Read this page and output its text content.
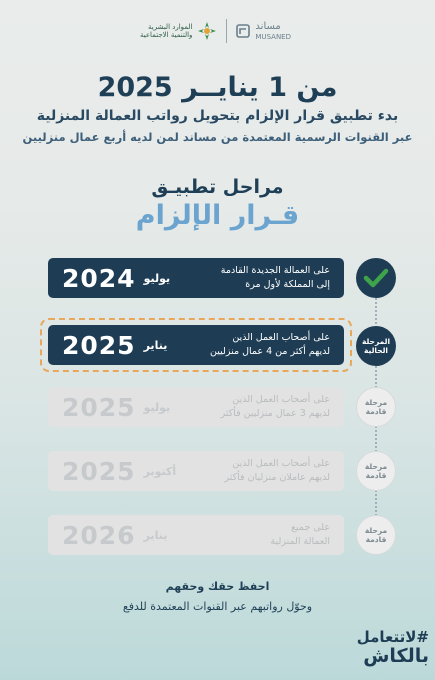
الموارد البشرية
والتنمية الاجتماعية
مساند
MUSANED
من 1 ينايــر 2025
بدء تطبيق قرار الإلزام بتحويل رواتب العمالة المنزلية
عبر القنوات الرسمية المعتمدة من مساند لمن لديه أربع عمال منزليين
مراحل تطبيـق
قـرار الإلزام
2024 يوليو
على العمالة الجديدة القادمة
إلى المملكة لأول مرة
2025 يناير
على أصحاب العمل الذين
لديهم أكثر من 4 عمال منزليين
المرحلة الحالية
2025 يوليو
على أصحاب العمل الذين
لديهم 3 عمال منزليين فأكثر
مرحلة قادمة
2025 أكتوبر
على أصحاب العمل الذين
لديهم عاملان منزليان فأكثر
مرحلة قادمة
2026 يناير
على جميع
العمالة المنزلية
مرحلة قادمة
احفظ حقك وحقهم
وحوّل رواتبهم عبر القنوات المعتمدة للدفع
#لاتتعامل
بالكاش
